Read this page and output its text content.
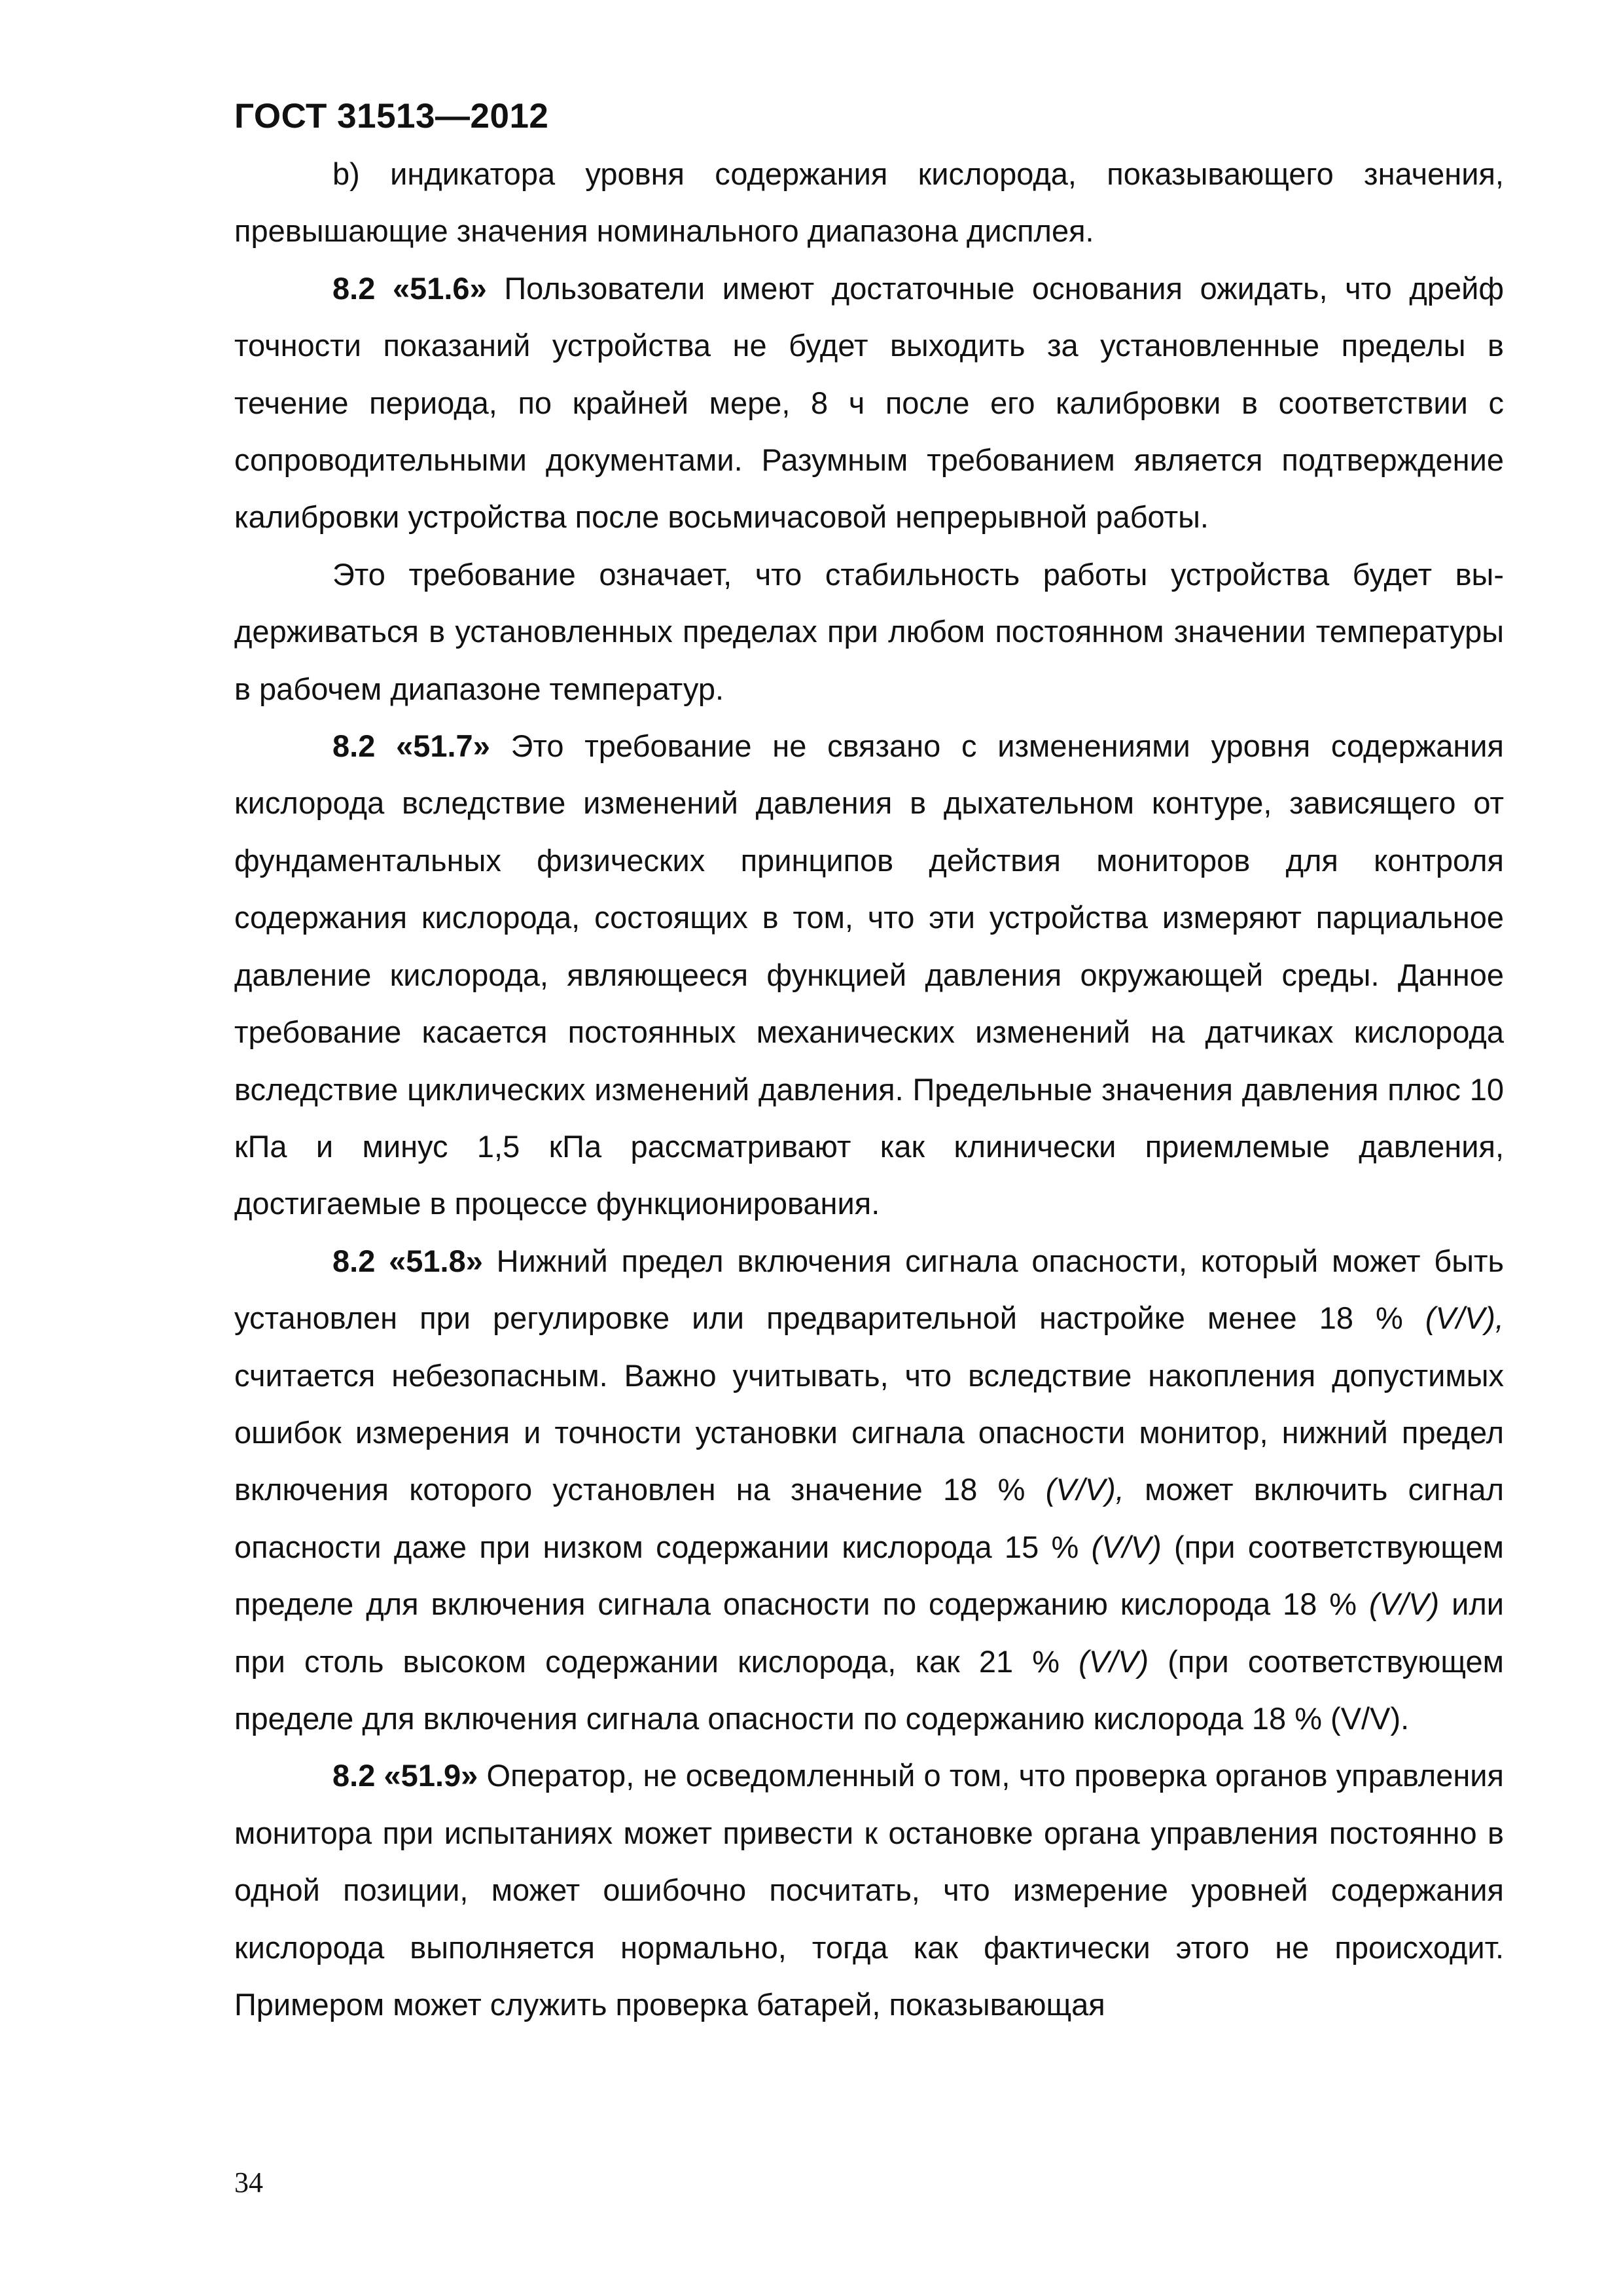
ГОСТ 31513—2012

b) индикатора уровня содержания кислорода, показывающего значения, превышающие значения номинального диапазона дисплея.

8.2 «51.6» Пользователи имеют достаточные основания ожидать, что дрейф точности показаний устройства не будет выходить за установленные пределы в течение периода, по крайней мере, 8 ч после его калибровки в соответствии с сопроводительными документами. Разумным требованием является подтверждение калибровки устройства после восьмичасовой непрерывной работы.

Это требование означает, что стабильность работы устройства будет выдерживаться в установленных пределах при любом постоянном значении температуры в рабочем диапазоне температур.

8.2 «51.7» Это требование не связано с изменениями уровня содержания кислорода вследствие изменений давления в дыхательном контуре, зависящего от фундаментальных физических принципов действия мониторов для контроля содержания кислорода, состоящих в том, что эти устройства измеряют парциальное давление кислорода, являющееся функцией давления окружающей среды. Данное требование касается постоянных механических изменений на датчиках кислорода вследствие циклических изменений давления. Предельные значения давления плюс 10 кПа и минус 1,5 кПа рассматривают как клинически приемлемые давления, достигаемые в процессе функционирования.

8.2 «51.8» Нижний предел включения сигнала опасности, который может быть установлен при регулировке или предварительной настройке менее 18 % (V/V), считается небезопасным. Важно учитывать, что вследствие накопления допустимых ошибок измерения и точности установки сигнала опасности монитор, нижний предел включения которого установлен на значение 18 % (V/V), может включить сигнал опасности даже при низком содержании кислорода 15 % (V/V) (при соответствующем пределе для включения сигнала опасности по содержанию кислорода 18 % (V/V) или при столь высоком содержании кислорода, как 21 % (V/V) (при соответствующем пределе для включения сигнала опасности по содержанию кислорода 18 % (V/V).

8.2 «51.9» Оператор, не осведомленный о том, что проверка органов управления монитора при испытаниях может привести к остановке органа управления постоянно в одной позиции, может ошибочно посчитать, что измерение уровней содержания кислорода выполняется нормально, тогда как фактически этого не происходит. Примером может служить проверка батарей, показывающая

34
